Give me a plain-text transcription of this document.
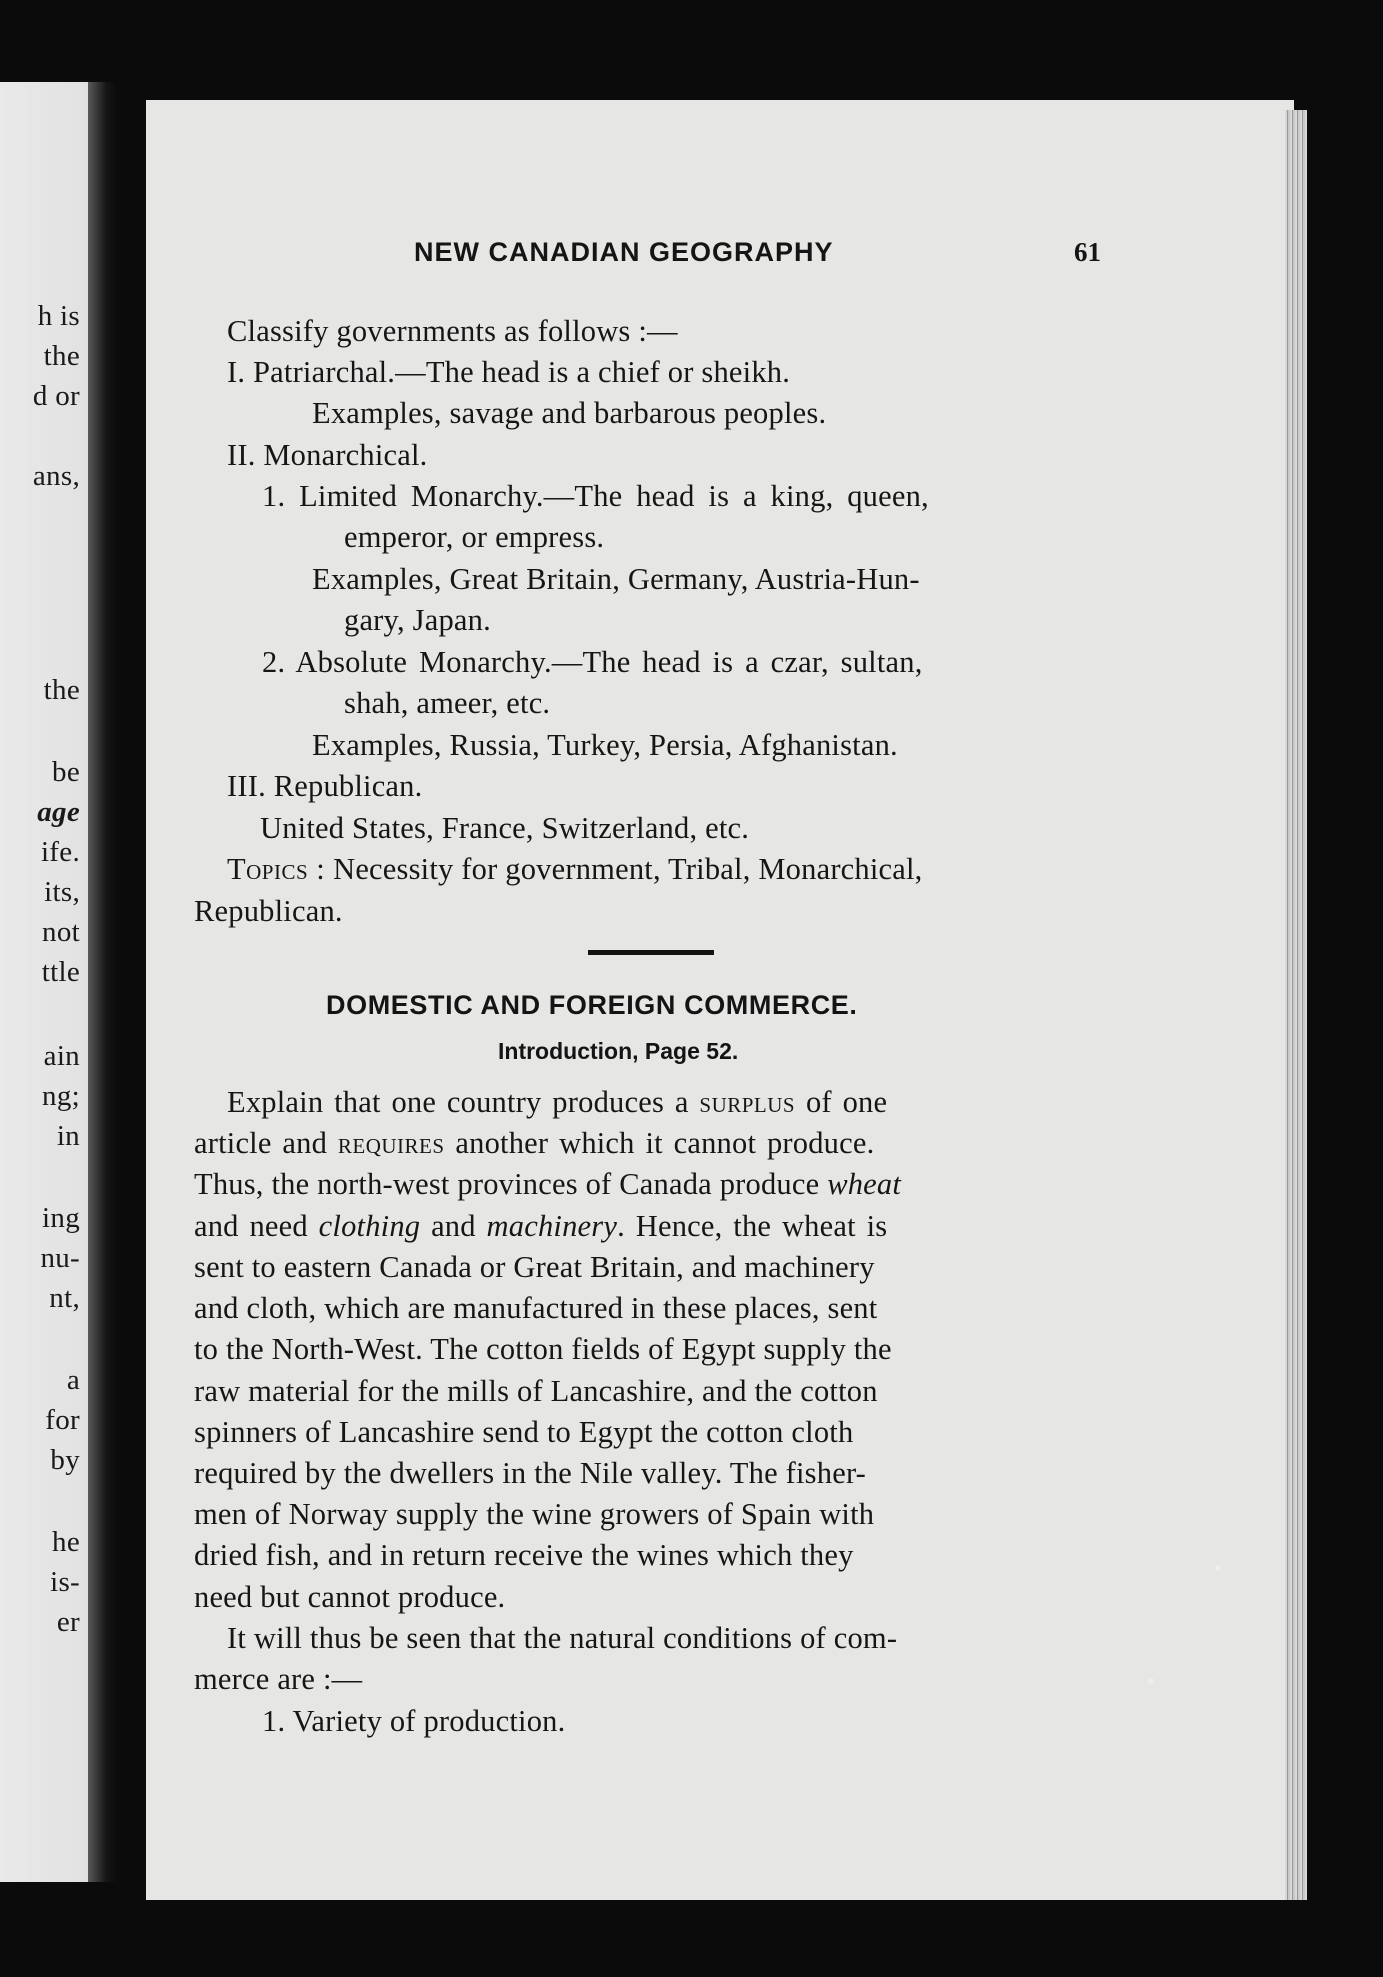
h is
the
d or
ans,
the
be
age
ife.
its,
not
ttle
ain
ng;
in
ing
nu-
nt,
a
for
by
he
is-
er
NEW CANADIAN GEOGRAPHY	61
Classify governments as follows :—
I. Patriarchal.—The head is a chief or sheikh.
Examples, savage and barbarous peoples.
II. Monarchical.
1. Limited Monarchy.—The head is a king, queen,
emperor, or empress.
Examples, Great Britain, Germany, Austria-Hun-
gary, Japan.
2. Absolute Monarchy.—The head is a czar, sultan,
shah, ameer, etc.
Examples, Russia, Turkey, Persia, Afghanistan.
III. Republican.
United States, France, Switzerland, etc.
Topics : Necessity for government, Tribal, Monarchical,
Republican.
DOMESTIC AND FOREIGN COMMERCE.
Introduction, Page 52.
Explain that one country produces a surplus of one
article and requires another which it cannot produce.
Thus, the north-west provinces of Canada produce wheat
and need clothing and machinery. Hence, the wheat is
sent to eastern Canada or Great Britain, and machinery
and cloth, which are manufactured in these places, sent
to the North-West. The cotton fields of Egypt supply the
raw material for the mills of Lancashire, and the cotton
spinners of Lancashire send to Egypt the cotton cloth
required by the dwellers in the Nile valley. The fisher-
men of Norway supply the wine growers of Spain with
dried fish, and in return receive the wines which they
need but cannot produce.
It will thus be seen that the natural conditions of com-
merce are :—
1. Variety of production.
